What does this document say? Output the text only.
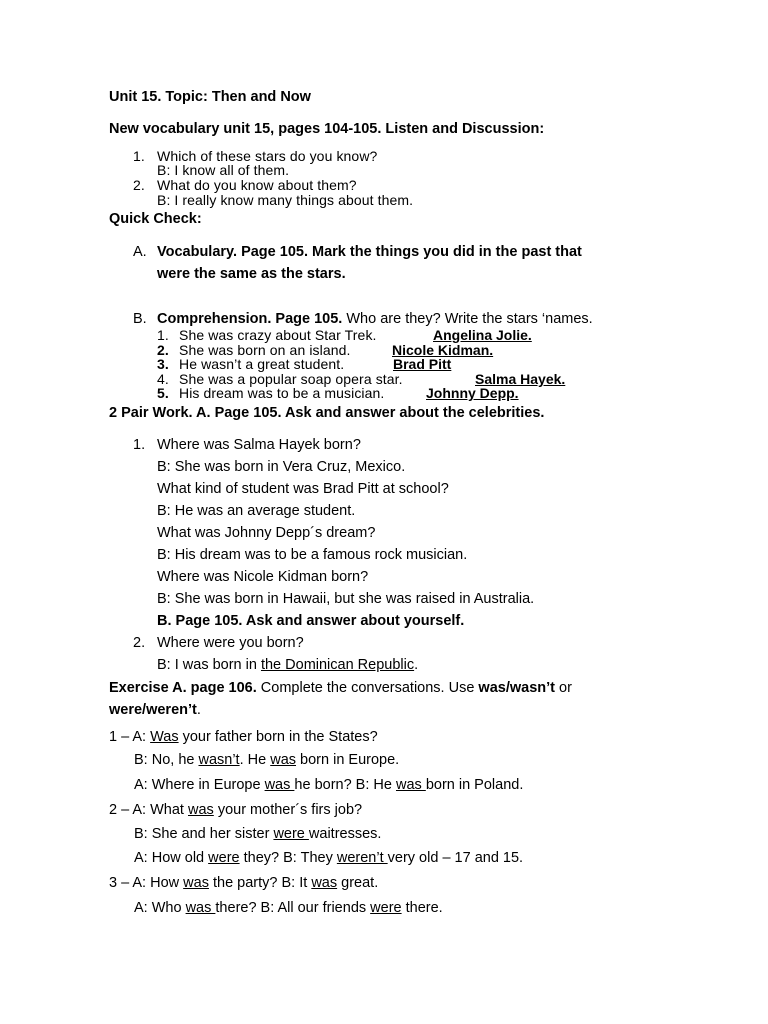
Unit 15. Topic: Then and Now
New vocabulary unit 15, pages 104-105. Listen and Discussion:
1. Which of these stars do you know?
B: I know all of them.
2. What do you know about them?
B: I really know many things about them.
Quick Check:
A. Vocabulary. Page 105. Mark the things you did in the past that
were the same as the stars.
B. Comprehension. Page 105. Who are they? Write the stars ‘names.
1. She was crazy about Star Trek.	Angelina Jolie.
2. She was born on an island.	Nicole Kidman.
3. He wasn’t a great student.	Brad Pitt
4. She was a popular soap opera star.	Salma Hayek.
5. His dream was to be a musician.	Johnny Depp.
2 Pair Work. A. Page 105. Ask and answer about the celebrities.
1. Where was Salma Hayek born?
B: She was born in Vera Cruz, Mexico.
What kind of student was Brad Pitt at school?
B: He was an average student.
What was Johnny Depp´s dream?
B: His dream was to be a famous rock musician.
Where was Nicole Kidman born?
B: She was born in Hawaii, but she was raised in Australia.
B. Page 105. Ask and answer about yourself.
2. Where were you born?
B: I was born in the Dominican Republic.
Exercise A. page 106. Complete the conversations. Use was/wasn’t or
were/weren’t.
1 – A: Was your father born in the States?
B: No, he wasn’t. He was born in Europe.
A: Where in Europe was he born? B: He was born in Poland.
2 – A: What was your mother´s firs job?
B: She and her sister were waitresses.
A: How old were they? B: They weren’t very old – 17 and 15.
3 – A: How was the party? B: It was great.
A: Who was there? B: All our friends were there.
